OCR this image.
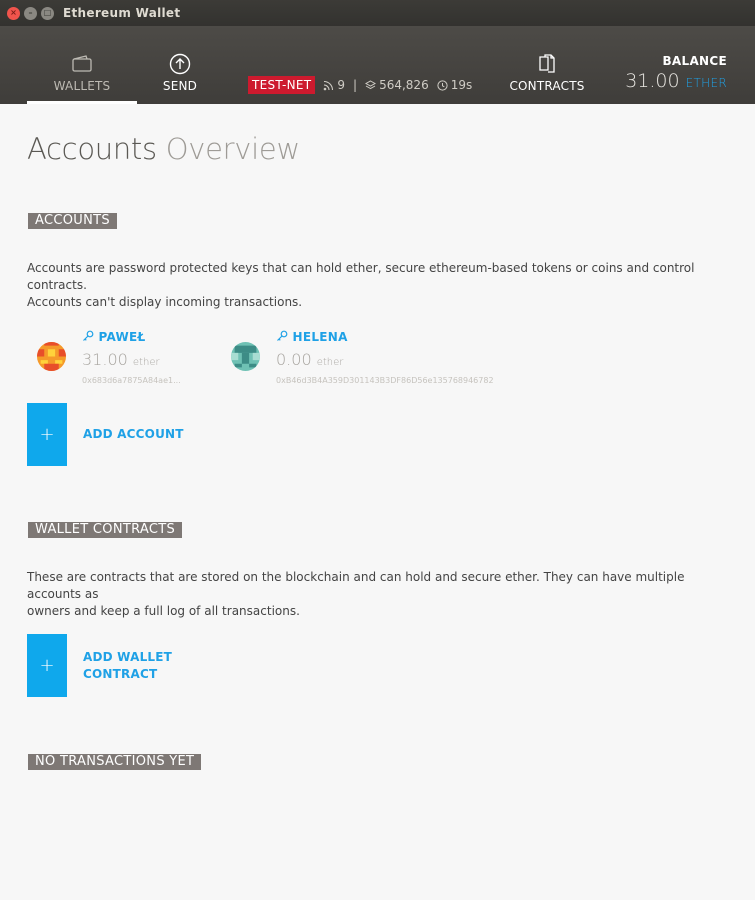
×	–	□ Ethereum Wallet
WALLETS	SEND	TEST-NET	9 | 564,826 19s	CONTRACTS
BALANCE
31.00 ETHER
Accounts Overview
ACCOUNTS
Accounts are password protected keys that can hold ether, secure ethereum-based tokens or coins and control contracts.
Accounts can't display incoming transactions.
PAWEŁ
31.00 ether
0x683d6a7875A84ae1...
HELENA
0.00 ether
0xB46d3B4A359D301143B3DF86D56e135768946782
+	ADD ACCOUNT
WALLET CONTRACTS
These are contracts that are stored on the blockchain and can hold and secure ether. They can have multiple accounts as
owners and keep a full log of all transactions.
+	ADD WALLET
CONTRACT
NO TRANSACTIONS YET
